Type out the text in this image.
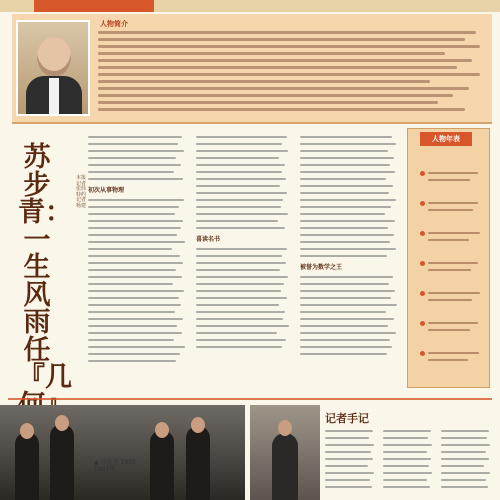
人物简介
苏步青：一生风雨任『几
本报记者 张炜 特约记者 杨建
初次从事物理
喜读名书
被誉为数学之王
人物年表
▲ 苏步青 1902-1981年
记者手记
